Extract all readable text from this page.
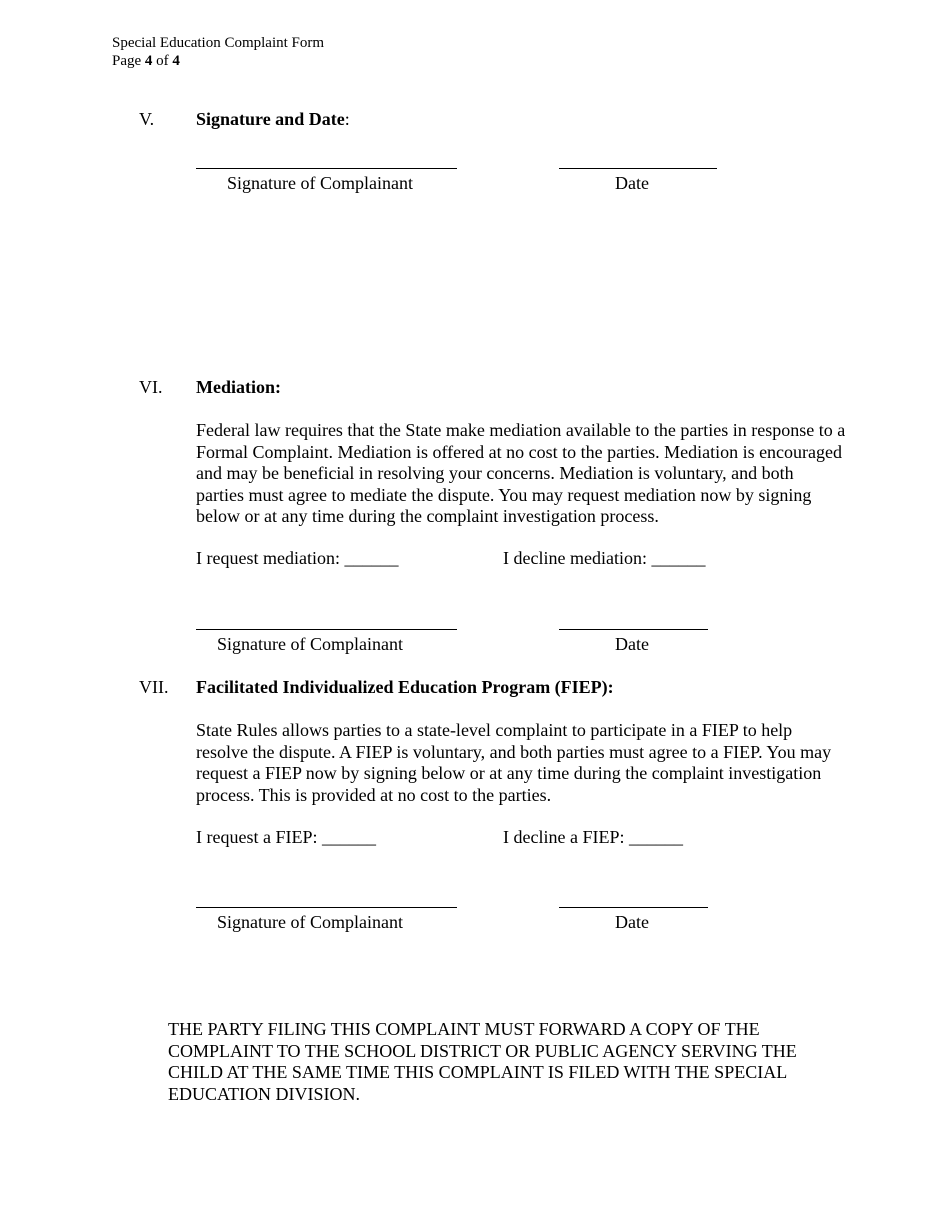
Special Education Complaint Form
Page 4 of 4
V. Signature and Date:
Signature of Complainant	Date
VI. Mediation:
Federal law requires that the State make mediation available to the parties in response to a Formal Complaint. Mediation is offered at no cost to the parties. Mediation is encouraged and may be beneficial in resolving your concerns. Mediation is voluntary, and both parties must agree to mediate the dispute. You may request mediation now by signing below or at any time during the complaint investigation process.
I request mediation: ______	I decline mediation: ______
Signature of Complainant	Date
VII. Facilitated Individualized Education Program (FIEP):
State Rules allows parties to a state-level complaint to participate in a FIEP to help resolve the dispute. A FIEP is voluntary, and both parties must agree to a FIEP. You may request a FIEP now by signing below or at any time during the complaint investigation process. This is provided at no cost to the parties.
I request a FIEP: ______	I decline a FIEP: ______
Signature of Complainant	Date
THE PARTY FILING THIS COMPLAINT MUST FORWARD A COPY OF THE COMPLAINT TO THE SCHOOL DISTRICT OR PUBLIC AGENCY SERVING THE CHILD AT THE SAME TIME THIS COMPLAINT IS FILED WITH THE SPECIAL EDUCATION DIVISION.
